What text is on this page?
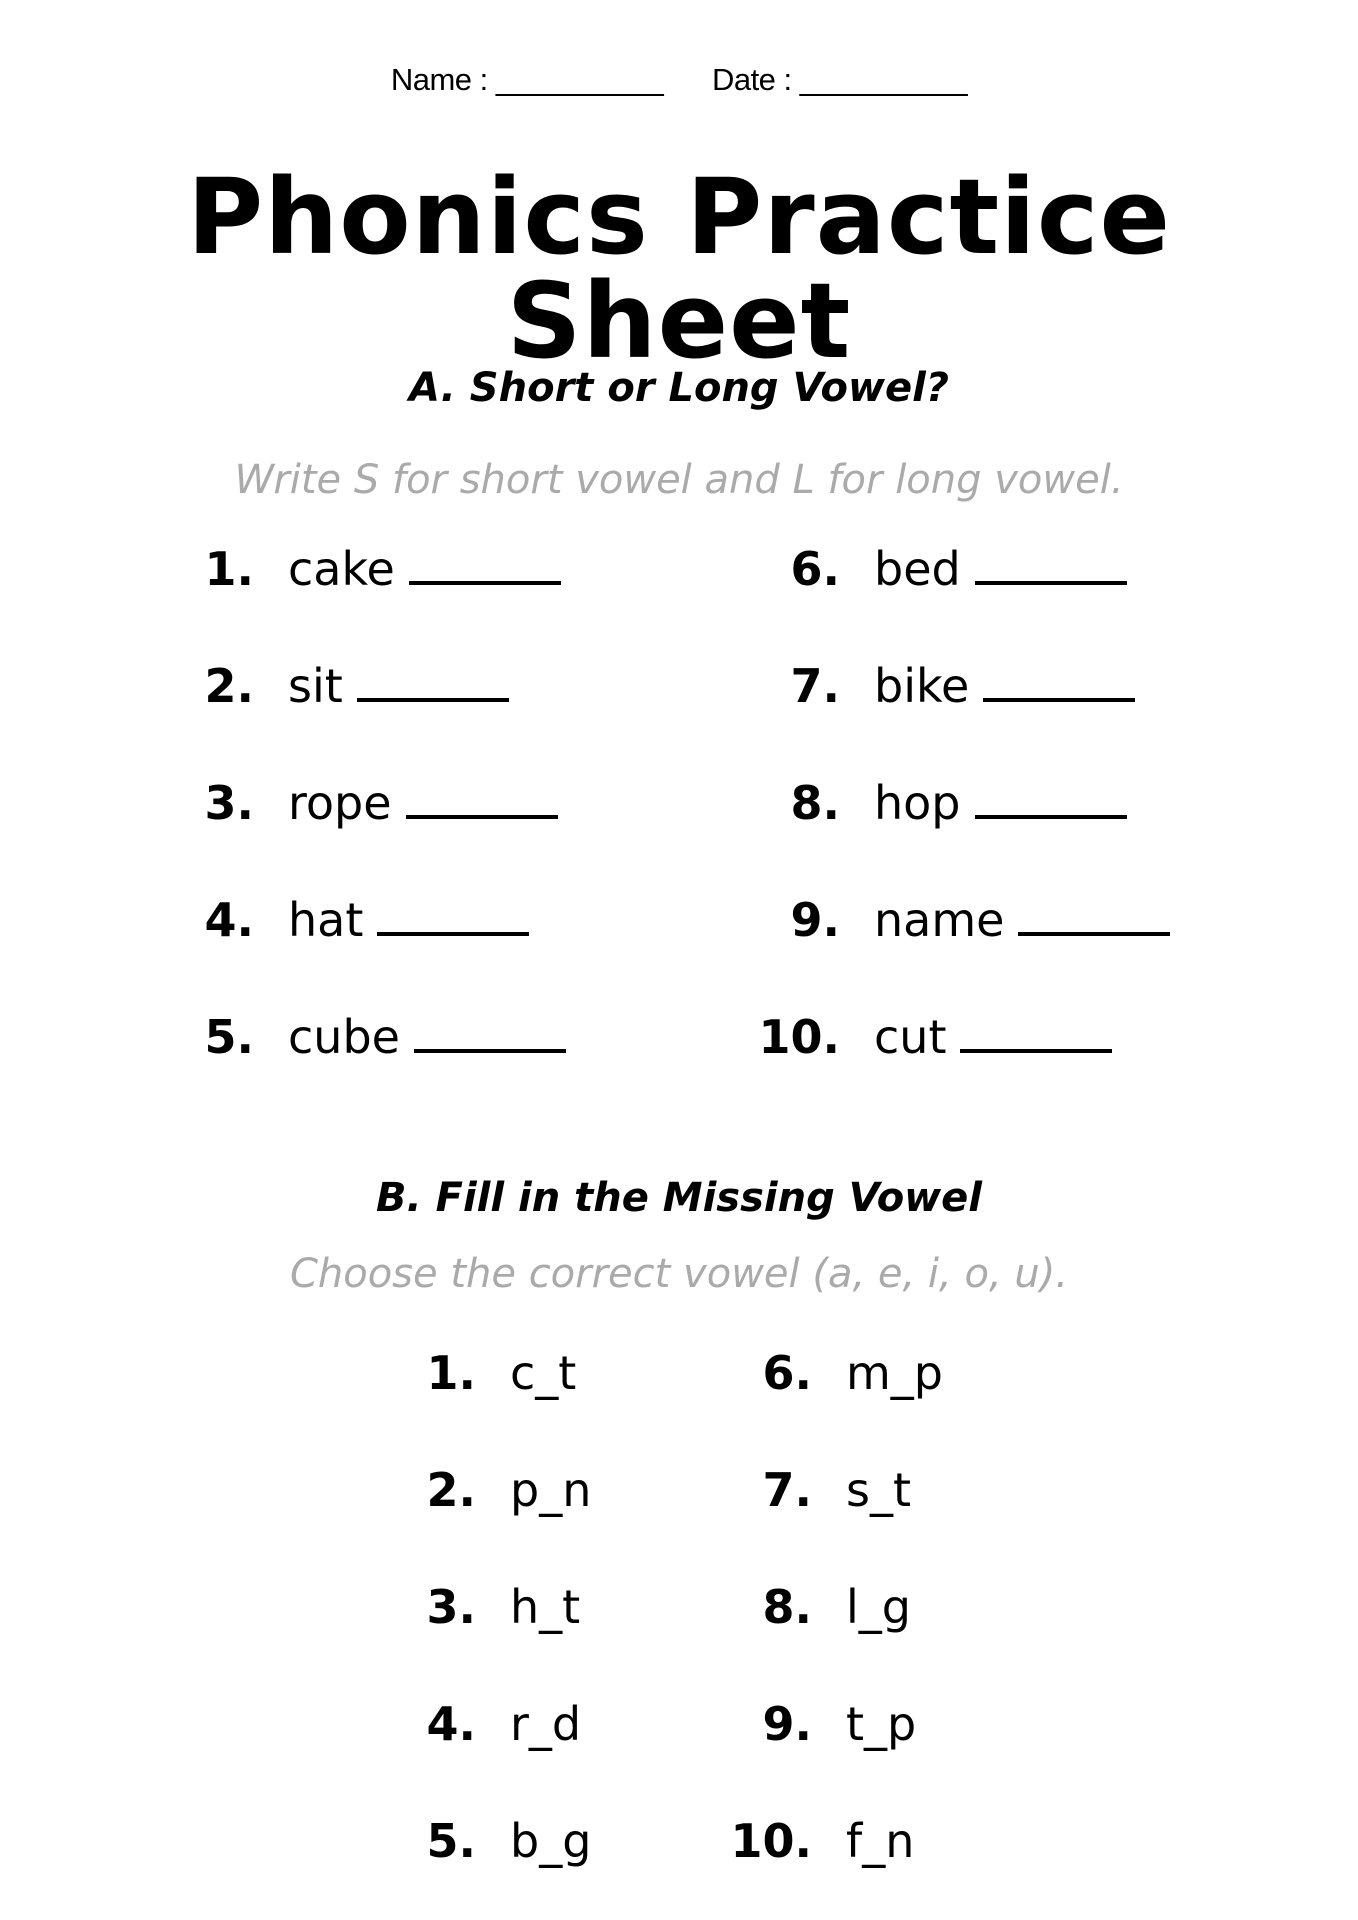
Name : __________ Date : __________
Phonics Practice Sheet
A. Short or Long Vowel?
Write S for short vowel and L for long vowel.
1. cake
2. sit
3. rope
4. hat
5. cube
6. bed
7. bike
8. hop
9. name
10. cut
B. Fill in the Missing Vowel
Choose the correct vowel (a, e, i, o, u).
1. c_t
2. p_n
3. h_t
4. r_d
5. b_g
6. m_p
7. s_t
8. l_g
9. t_p
10. f_n
